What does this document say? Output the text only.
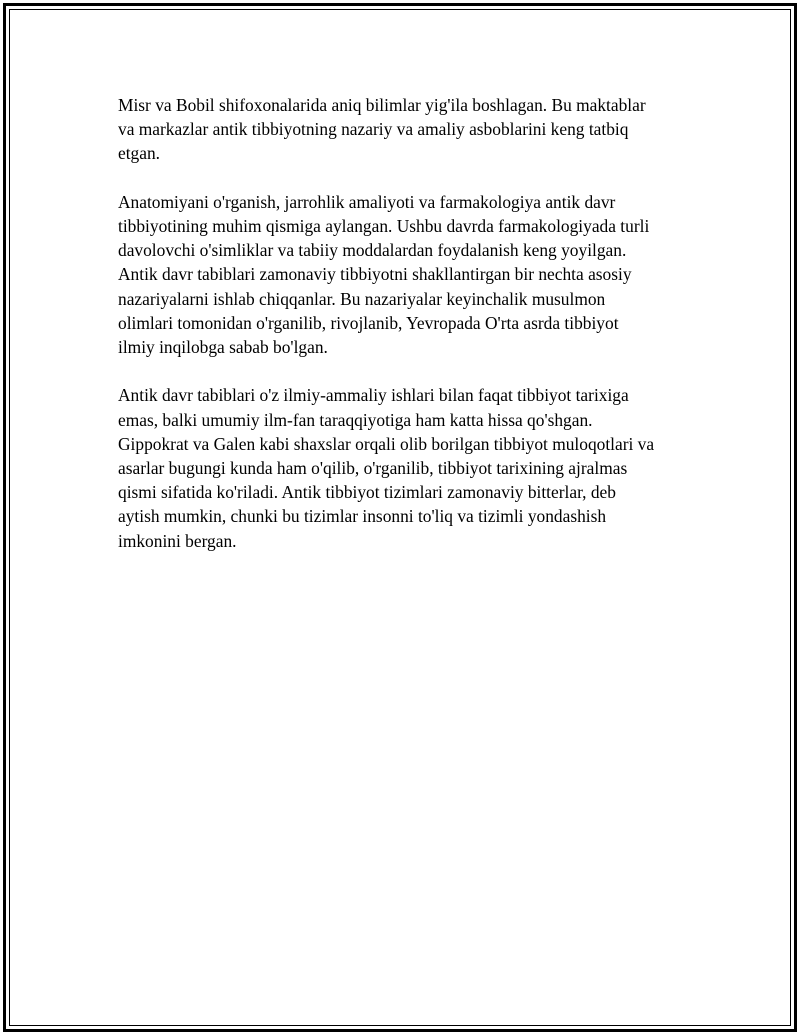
Misr va Bobil shifoxonalarida aniq bilimlar yig'ila boshlagan. Bu maktablar
va markazlar antik tibbiyotning nazariy va amaliy asboblarini keng tatbiq
etgan.

Anatomiyani o'rganish, jarrohlik amaliyoti va farmakologiya antik davr
tibbiyotining muhim qismiga aylangan. Ushbu davrda farmakologiyada turli
davolovchi o'simliklar va tabiiy moddalardan foydalanish keng yoyilgan.
Antik davr tabiblari zamonaviy tibbiyotni shakllantirgan bir nechta asosiy
nazariyalarni ishlab chiqqanlar. Bu nazariyalar keyinchalik musulmon
olimlari tomonidan o'rganilib, rivojlanib, Yevropada O'rta asrda tibbiyot
ilmiy inqilobga sabab bo'lgan.

Antik davr tabiblari o'z ilmiy-ammaliy ishlari bilan faqat tibbiyot tarixiga
emas, balki umumiy ilm-fan taraqqiyotiga ham katta hissa qo'shgan.
Gippokrat va Galen kabi shaxslar orqali olib borilgan tibbiyot muloqotlari va
asarlar bugungi kunda ham o'qilib, o'rganilib, tibbiyot tarixining ajralmas
qismi sifatida ko'riladi. Antik tibbiyot tizimlari zamonaviy bitterlar, deb
aytish mumkin, chunki bu tizimlar insonni to'liq va tizimli yondashish
imkonini bergan.
